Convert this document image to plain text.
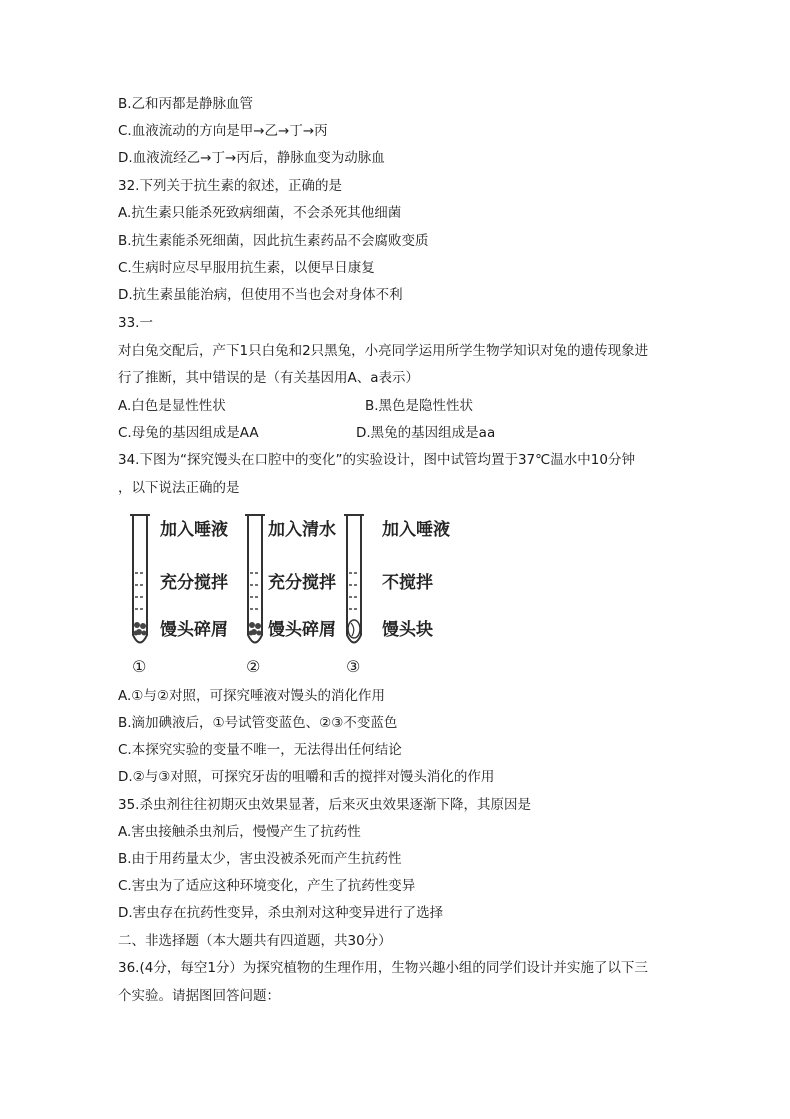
B.乙和丙都是静脉血管
C.血液流动的方向是甲→乙→丁→丙
D.血液流经乙→丁→丙后，静脉血变为动脉血
32.下列关于抗生素的叙述，正确的是
A.抗生素只能杀死致病细菌，不会杀死其他细菌
B.抗生素能杀死细菌，因此抗生素药品不会腐败变质
C.生病时应尽早服用抗生素，以便早日康复
D.抗生素虽能治病，但使用不当也会对身体不利
33.一
对白兔交配后，产下1只白兔和2只黑兔，小亮同学运用所学生物学知识对兔的遗传现象进
行了推断，其中错误的是（有关基因用A、a表示）
A.白色是显性性状	B.黑色是隐性性状
C.母兔的基因组成是AA	D.黑兔的基因组成是aa
34.下图为“探究馒头在口腔中的变化”的实验设计，图中试管均置于37℃温水中10分钟
，以下说法正确的是
加入唾液
充分搅拌
馒头碎屑
①
加入清水
充分搅拌
馒头碎屑
②
加入唾液
不搅拌
馒头块
③
A.①与②对照，可探究唾液对馒头的消化作用
B.滴加碘液后，①号试管变蓝色、②③不变蓝色
C.本探究实验的变量不唯一，无法得出任何结论
D.②与③对照，可探究牙齿的咀嚼和舌的搅拌对馒头消化的作用
35.杀虫剂往往初期灭虫效果显著，后来灭虫效果逐渐下降，其原因是
A.害虫接触杀虫剂后，慢慢产生了抗药性
B.由于用药量太少，害虫没被杀死而产生抗药性
C.害虫为了适应这种环境变化，产生了抗药性变异
D.害虫存在抗药性变异，杀虫剂对这种变异进行了选择
二、非选择题（本大题共有四道题，共30分）
36.(4分，每空1分）为探究植物的生理作用，生物兴趣小组的同学们设计并实施了以下三
个实验。请据图回答问题：
